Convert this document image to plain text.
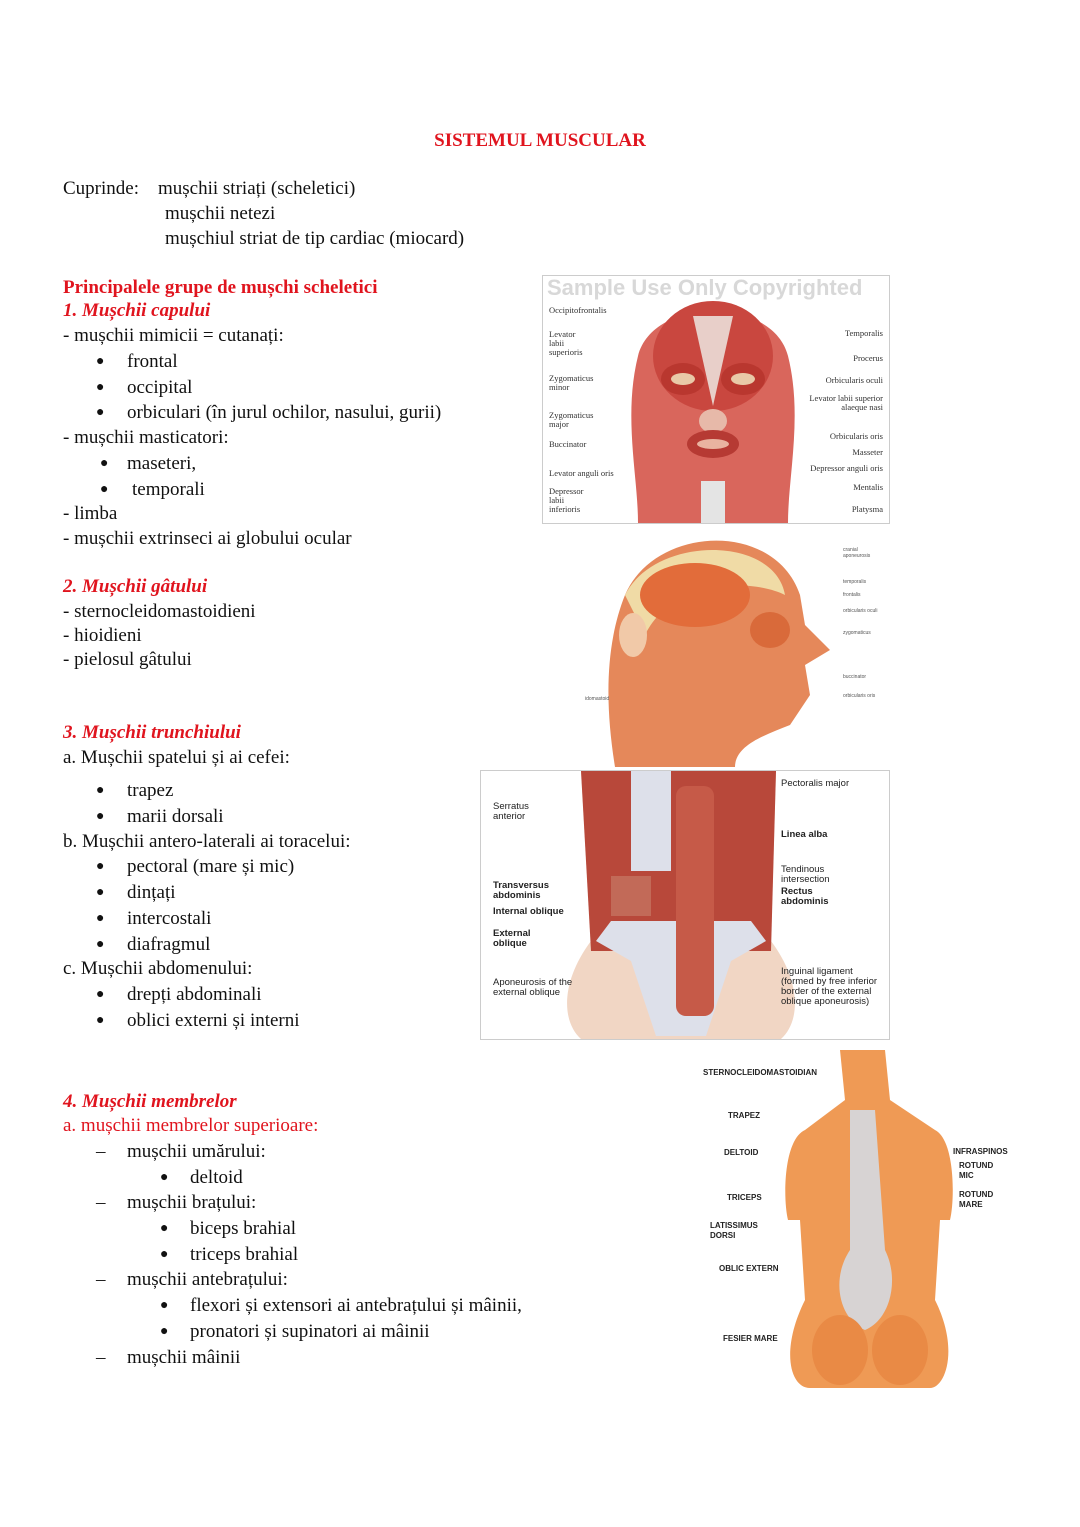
SISTEMUL MUSCULAR
Cuprinde: mușchii striați (scheletici)
mușchii netezi
mușchiul striat de tip cardiac (miocard)
Principalele grupe de mușchi scheletici
1. Mușchii capului
- mușchii mimicii = cutanați:
● frontal
● occipital
● orbiculari (în jurul ochilor, nasului, gurii)
- mușchii masticatori:
● maseteri,
● temporali
- limba
- mușchii extrinseci ai globului ocular
2. Mușchii gâtului
- sternocleidomastoidieni
- hioidieni
- pielosul gâtului
3. Mușchii trunchiului
a. Mușchii spatelui și ai cefei:
● trapez
● marii dorsali
b. Mușchii antero-laterali ai toracelui:
● pectoral (mare și mic)
● dințați
● intercostali
● diafragmul
c. Mușchii abdomenului:
● drepți abdominali
● oblici externi și interni
4. Mușchii membrelor
a. mușchii membrelor superioare:
– mușchii umărului:
● deltoid
– mușchii brațului:
● biceps brahial
● triceps brahial
– mușchii antebrațului:
● flexori și extensori ai antebrațului și mâinii,
● pronatori și supinatori ai mâinii
– mușchii mâinii
Sample Use Only Copyrighted
Occipitofrontalis
Levator labii superioris
Zygomaticus minor
Zygomaticus major
Buccinator
Levator anguli oris
Depressor labii inferioris
Temporalis
Procerus
Orbicularis oculi
Levator labii superior alaeque nasi
Orbicularis oris
Masseter
Depressor anguli oris
Mentalis
Platysma
cranial aponeurosis
temporalis
frontalis
orbicularis oculi
zygomaticus
buccinator
orbicularis oris
idomastoid
Serratus anterior
Transversus abdominis
Internal oblique
External oblique
Aponeurosis of the external oblique
Pectoralis major
Linea alba
Tendinous intersection
Rectus abdominis
Inguinal ligament (formed by free inferior border of the external oblique aponeurosis)
STERNOCLEIDOMASTOIDIAN
TRAPEZ
DELTOID
TRICEPS
LATISSIMUS DORSI
OBLIC EXTERN
FESIER MARE
INFRASPINOS
ROTUND MIC
ROTUND MARE
